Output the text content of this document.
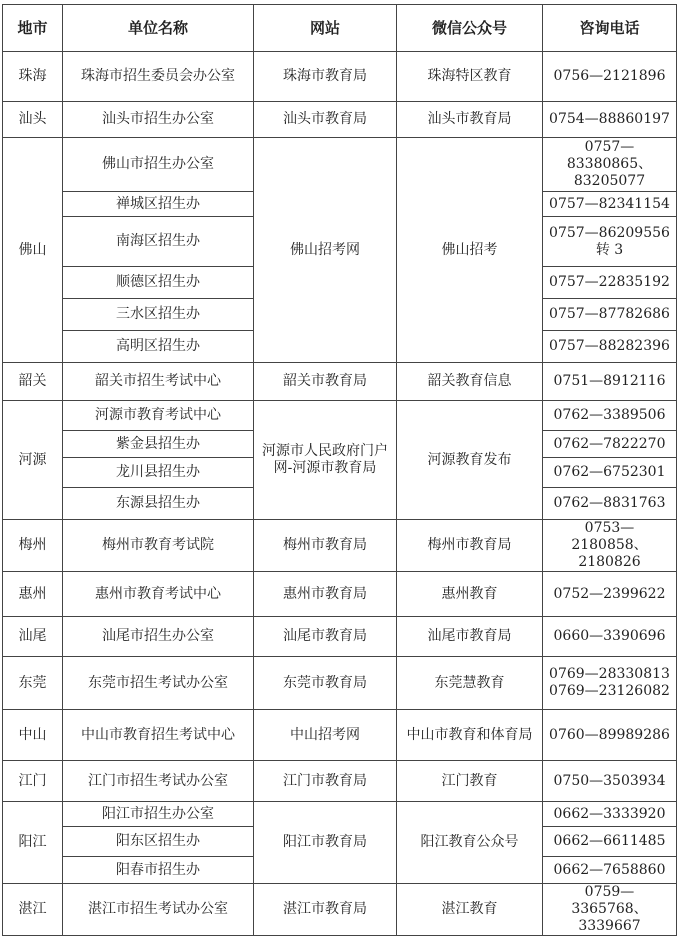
地市	单位名称	网站	微信公众号	咨询电话
珠海	珠海市招生委员会办公室	珠海市教育局	珠海特区教育	0756—2121896
汕头	汕头市招生办公室	汕头市教育局	汕头市教育局	0754—88860197
佛山	佛山市招生办公室	佛山招考网	佛山招考	0757—83380865、83205077
	禅城区招生办			0757—82341154
	南海区招生办			0757—86209556 转 3
	顺德区招生办			0757—22835192
	三水区招生办			0757—87782686
	高明区招生办			0757—88282396
韶关	韶关市招生考试中心	韶关市教育局	韶关教育信息	0751—8912116
河源	河源市教育考试中心	河源市人民政府门户网-河源市教育局	河源教育发布	0762—3389506
	紫金县招生办			0762—7822270
	龙川县招生办			0762—6752301
	东源县招生办			0762—8831763
梅州	梅州市教育考试院	梅州市教育局	梅州市教育局	0753—2180858、2180826
惠州	惠州市教育考试中心	惠州市教育局	惠州教育	0752—2399622
汕尾	汕尾市招生办公室	汕尾市教育局	汕尾市教育局	0660—3390696
东莞	东莞市招生考试办公室	东莞市教育局	东莞慧教育	0769—28330813 0769—23126082
中山	中山市教育招生考试中心	中山招考网	中山市教育和体育局	0760—89989286
江门	江门市招生考试办公室	江门市教育局	江门教育	0750—3503934
阳江	阳江市招生办公室	阳江市教育局	阳江教育公众号	0662—3333920
	阳东区招生办			0662—6611485
	阳春市招生办			0662—7658860
湛江	湛江市招生考试办公室	湛江市教育局	湛江教育	0759—3365768、3339667
